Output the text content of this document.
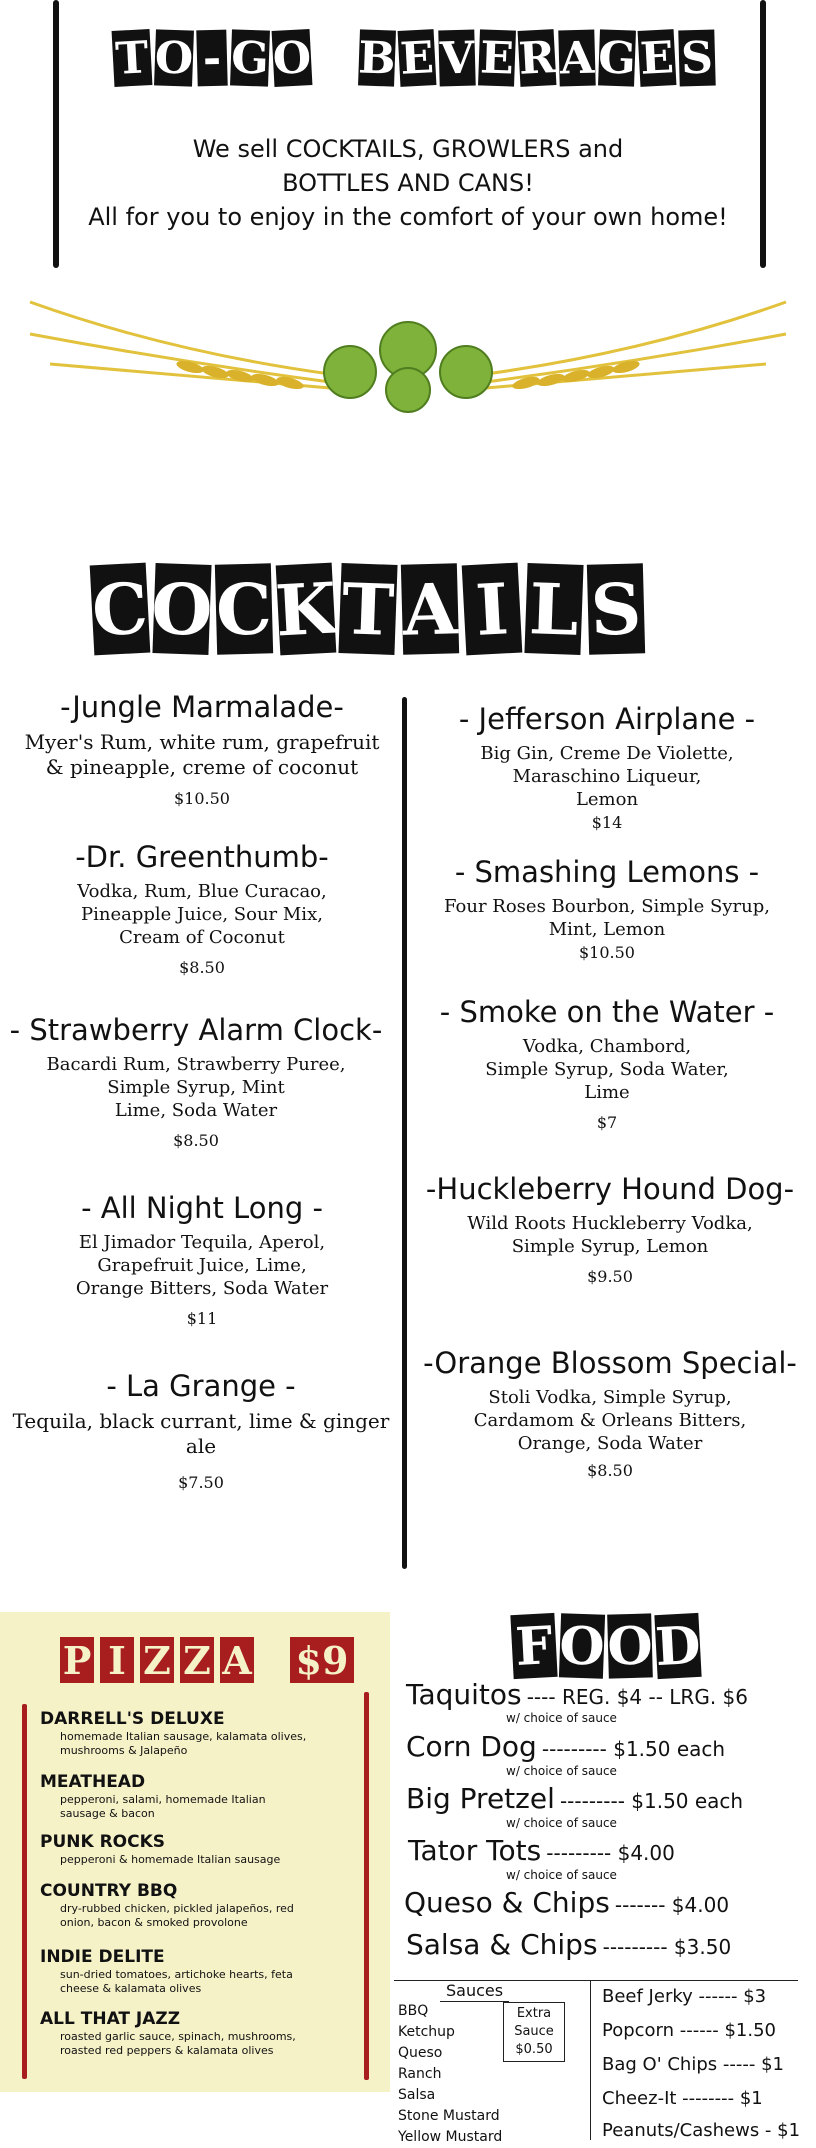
T O - G O B E V E R A G E S
We sell COCKTAILS, GROWLERS and
BOTTLES AND CANS!
All for you to enjoy in the comfort of your own home!
C O C K T A I L S
-Jungle Marmalade-
Myer's Rum, white rum, grapefruit
& pineapple, creme of coconut
$10.50
-Dr. Greenthumb-
Vodka, Rum, Blue Curacao,
Pineapple Juice, Sour Mix,
Cream of Coconut
$8.50
- Strawberry Alarm Clock-
Bacardi Rum, Strawberry Puree,
Simple Syrup, Mint
Lime, Soda Water
$8.50
- All Night Long -
El Jimador Tequila, Aperol,
Grapefruit Juice, Lime,
Orange Bitters, Soda Water
$11
- La Grange -
Tequila, black currant, lime & ginger ale
$7.50
- Jefferson Airplane -
Big Gin, Creme De Violette,
Maraschino Liqueur,
Lemon
$14
- Smashing Lemons -
Four Roses Bourbon, Simple Syrup,
Mint, Lemon
$10.50
- Smoke on the Water -
Vodka, Chambord,
Simple Syrup, Soda Water,
Lime
$7
-Huckleberry Hound Dog-
Wild Roots Huckleberry Vodka,
Simple Syrup, Lemon
$9.50
-Orange Blossom Special-
Stoli Vodka, Simple Syrup,
Cardamom & Orleans Bitters,
Orange, Soda Water
$8.50
P I Z Z A $9
DARRELL'S DELUXE
homemade Italian sausage, kalamata olives,
mushrooms & Jalapeño
MEATHEAD
pepperoni, salami, homemade Italian
sausage & bacon
PUNK ROCKS
pepperoni & homemade Italian sausage
COUNTRY BBQ
dry-rubbed chicken, pickled jalapeños, red
onion, bacon & smoked provolone
INDIE DELITE
sun-dried tomatoes, artichoke hearts, feta
cheese & kalamata olives
ALL THAT JAZZ
roasted garlic sauce, spinach, mushrooms,
roasted red peppers & kalamata olives
F O O D
Taquitos ---- REG. $4 -- LRG. $6
w/ choice of sauce
Corn Dog --------- $1.50 each
w/ choice of sauce
Big Pretzel --------- $1.50 each
w/ choice of sauce
Tator Tots --------- $4.00
w/ choice of sauce
Queso & Chips ------- $4.00
Salsa & Chips --------- $3.50
Sauces
BBQ
Ketchup
Queso
Ranch
Salsa
Stone Mustard
Yellow Mustard
Extra Sauce
$0.50
Beef Jerky ------ $3
Popcorn ------ $1.50
Bag O' Chips ----- $1
Cheez-It -------- $1
Peanuts/Cashews - $1
